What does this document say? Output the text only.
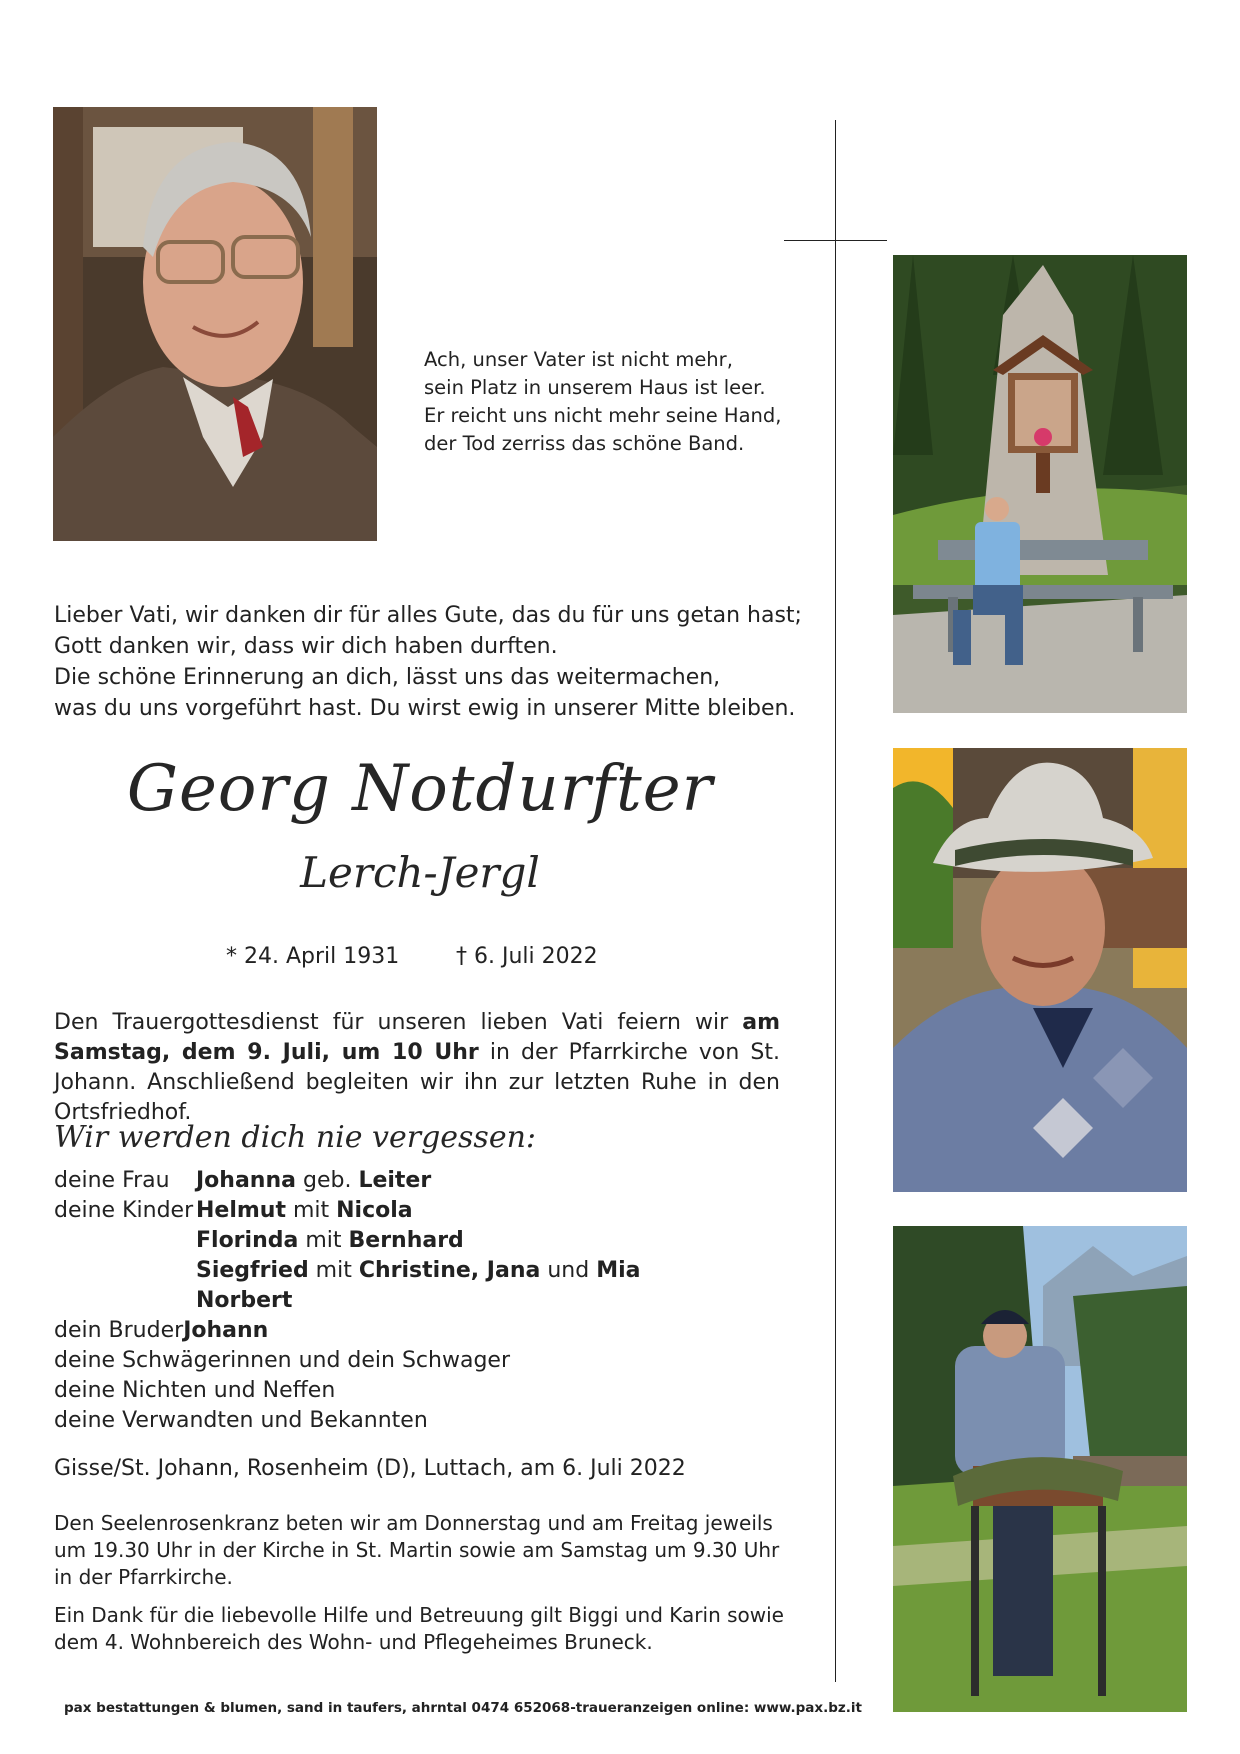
Ach, unser Vater ist nicht mehr,
sein Platz in unserem Haus ist leer.
Er reicht uns nicht mehr seine Hand,
der Tod zerriss das schöne Band.
Lieber Vati, wir danken dir für alles Gute, das du für uns getan hast;
Gott danken wir, dass wir dich haben durften.
Die schöne Erinnerung an dich, lässt uns das weitermachen,
was du uns vorgeführt hast. Du wirst ewig in unserer Mitte bleiben.
Georg Notdurfter
Lerch-Jergl
* 24. April 1931	† 6. Juli 2022
Den Trauergottesdienst für unseren lieben Vati feiern wir am Samstag, dem 9. Juli, um 10 Uhr in der Pfarrkirche von St. Johann. Anschließend begleiten wir ihn zur letzten Ruhe in den Ortsfriedhof.
Wir werden dich nie vergessen:
deine Frau	Johanna geb. Leiter
deine Kinder Helmut mit Nicola
Florinda mit Bernhard
Siegfried mit Christine, Jana und Mia
Norbert
dein Bruder Johann
deine Schwägerinnen und dein Schwager
deine Nichten und Neffen
deine Verwandten und Bekannten
Gisse/St. Johann, Rosenheim (D), Luttach, am 6. Juli 2022
Den Seelenrosenkranz beten wir am Donnerstag und am Freitag jeweils um 19.30 Uhr in der Kirche in St. Martin sowie am Samstag um 9.30 Uhr in der Pfarrkirche.
Ein Dank für die liebevolle Hilfe und Betreuung gilt Biggi und Karin sowie dem 4. Wohnbereich des Wohn- und Pflegeheimes Bruneck.
pax bestattungen & blumen, sand in taufers, ahrntal 0474 652068-traueranzeigen online: www.pax.bz.it
